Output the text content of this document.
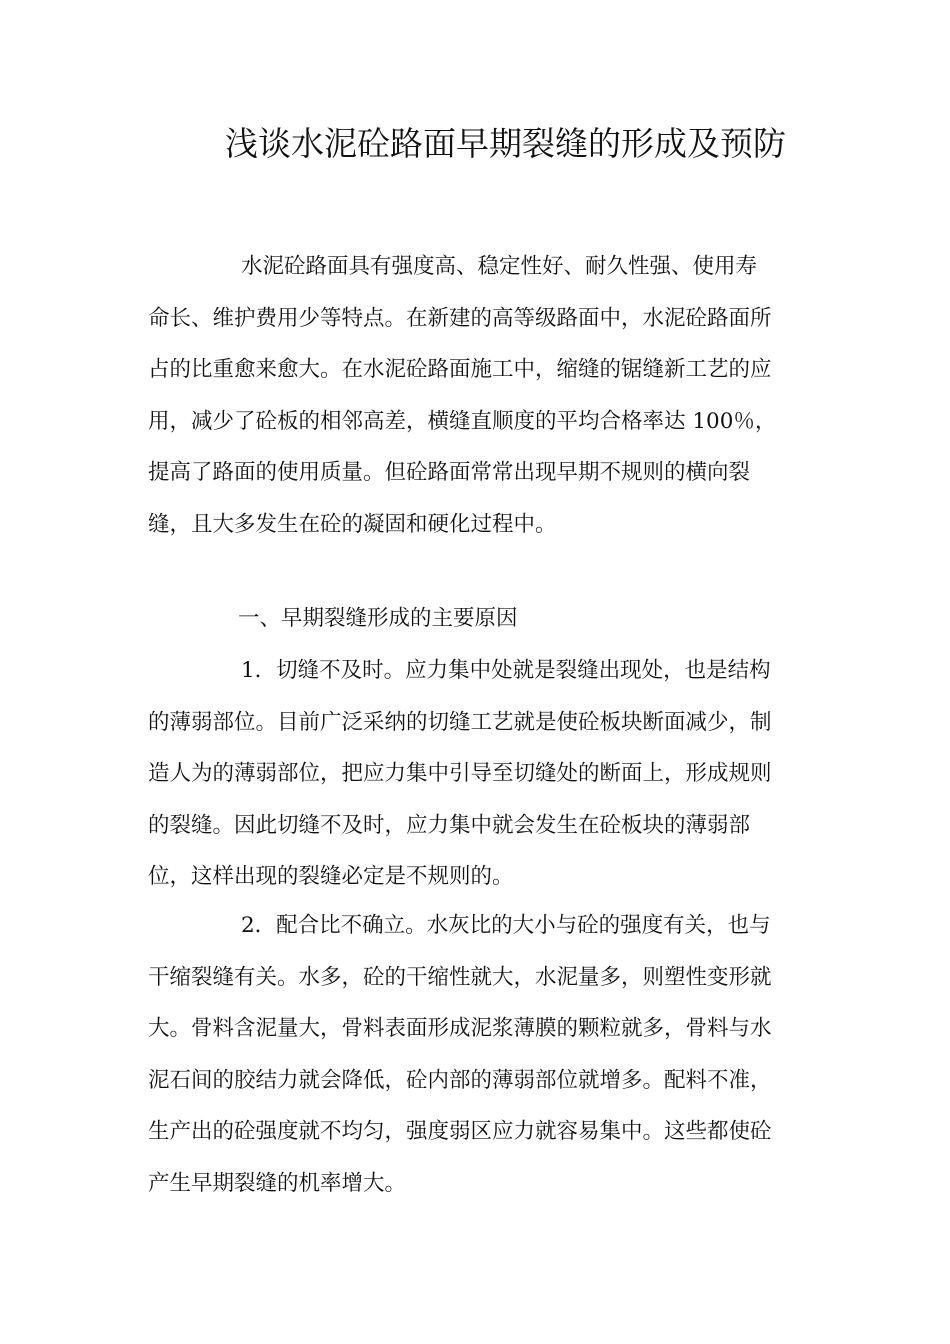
浅谈水泥砼路面早期裂缝的形成及预防
水泥砼路面具有强度高、稳定性好、耐久性强、使用寿
命长、维护费用少等特点。在新建的高等级路面中，水泥砼路面所
占的比重愈来愈大。在水泥砼路面施工中，缩缝的锯缝新工艺的应
用，减少了砼板的相邻高差，横缝直顺度的平均合格率达 100％，
提高了路面的使用质量。但砼路面常常出现早期不规则的横向裂
缝，且大多发生在砼的凝固和硬化过程中。
一、早期裂缝形成的主要原因
1．切缝不及时。应力集中处就是裂缝出现处，也是结构
的薄弱部位。目前广泛采纳的切缝工艺就是使砼板块断面减少，制
造人为的薄弱部位，把应力集中引导至切缝处的断面上，形成规则
的裂缝。因此切缝不及时，应力集中就会发生在砼板块的薄弱部
位，这样出现的裂缝必定是不规则的。
2．配合比不确立。水灰比的大小与砼的强度有关，也与
干缩裂缝有关。水多，砼的干缩性就大，水泥量多，则塑性变形就
大。骨料含泥量大，骨料表面形成泥浆薄膜的颗粒就多，骨料与水
泥石间的胶结力就会降低，砼内部的薄弱部位就增多。配料不准，
生产出的砼强度就不均匀，强度弱区应力就容易集中。这些都使砼
产生早期裂缝的机率增大。
